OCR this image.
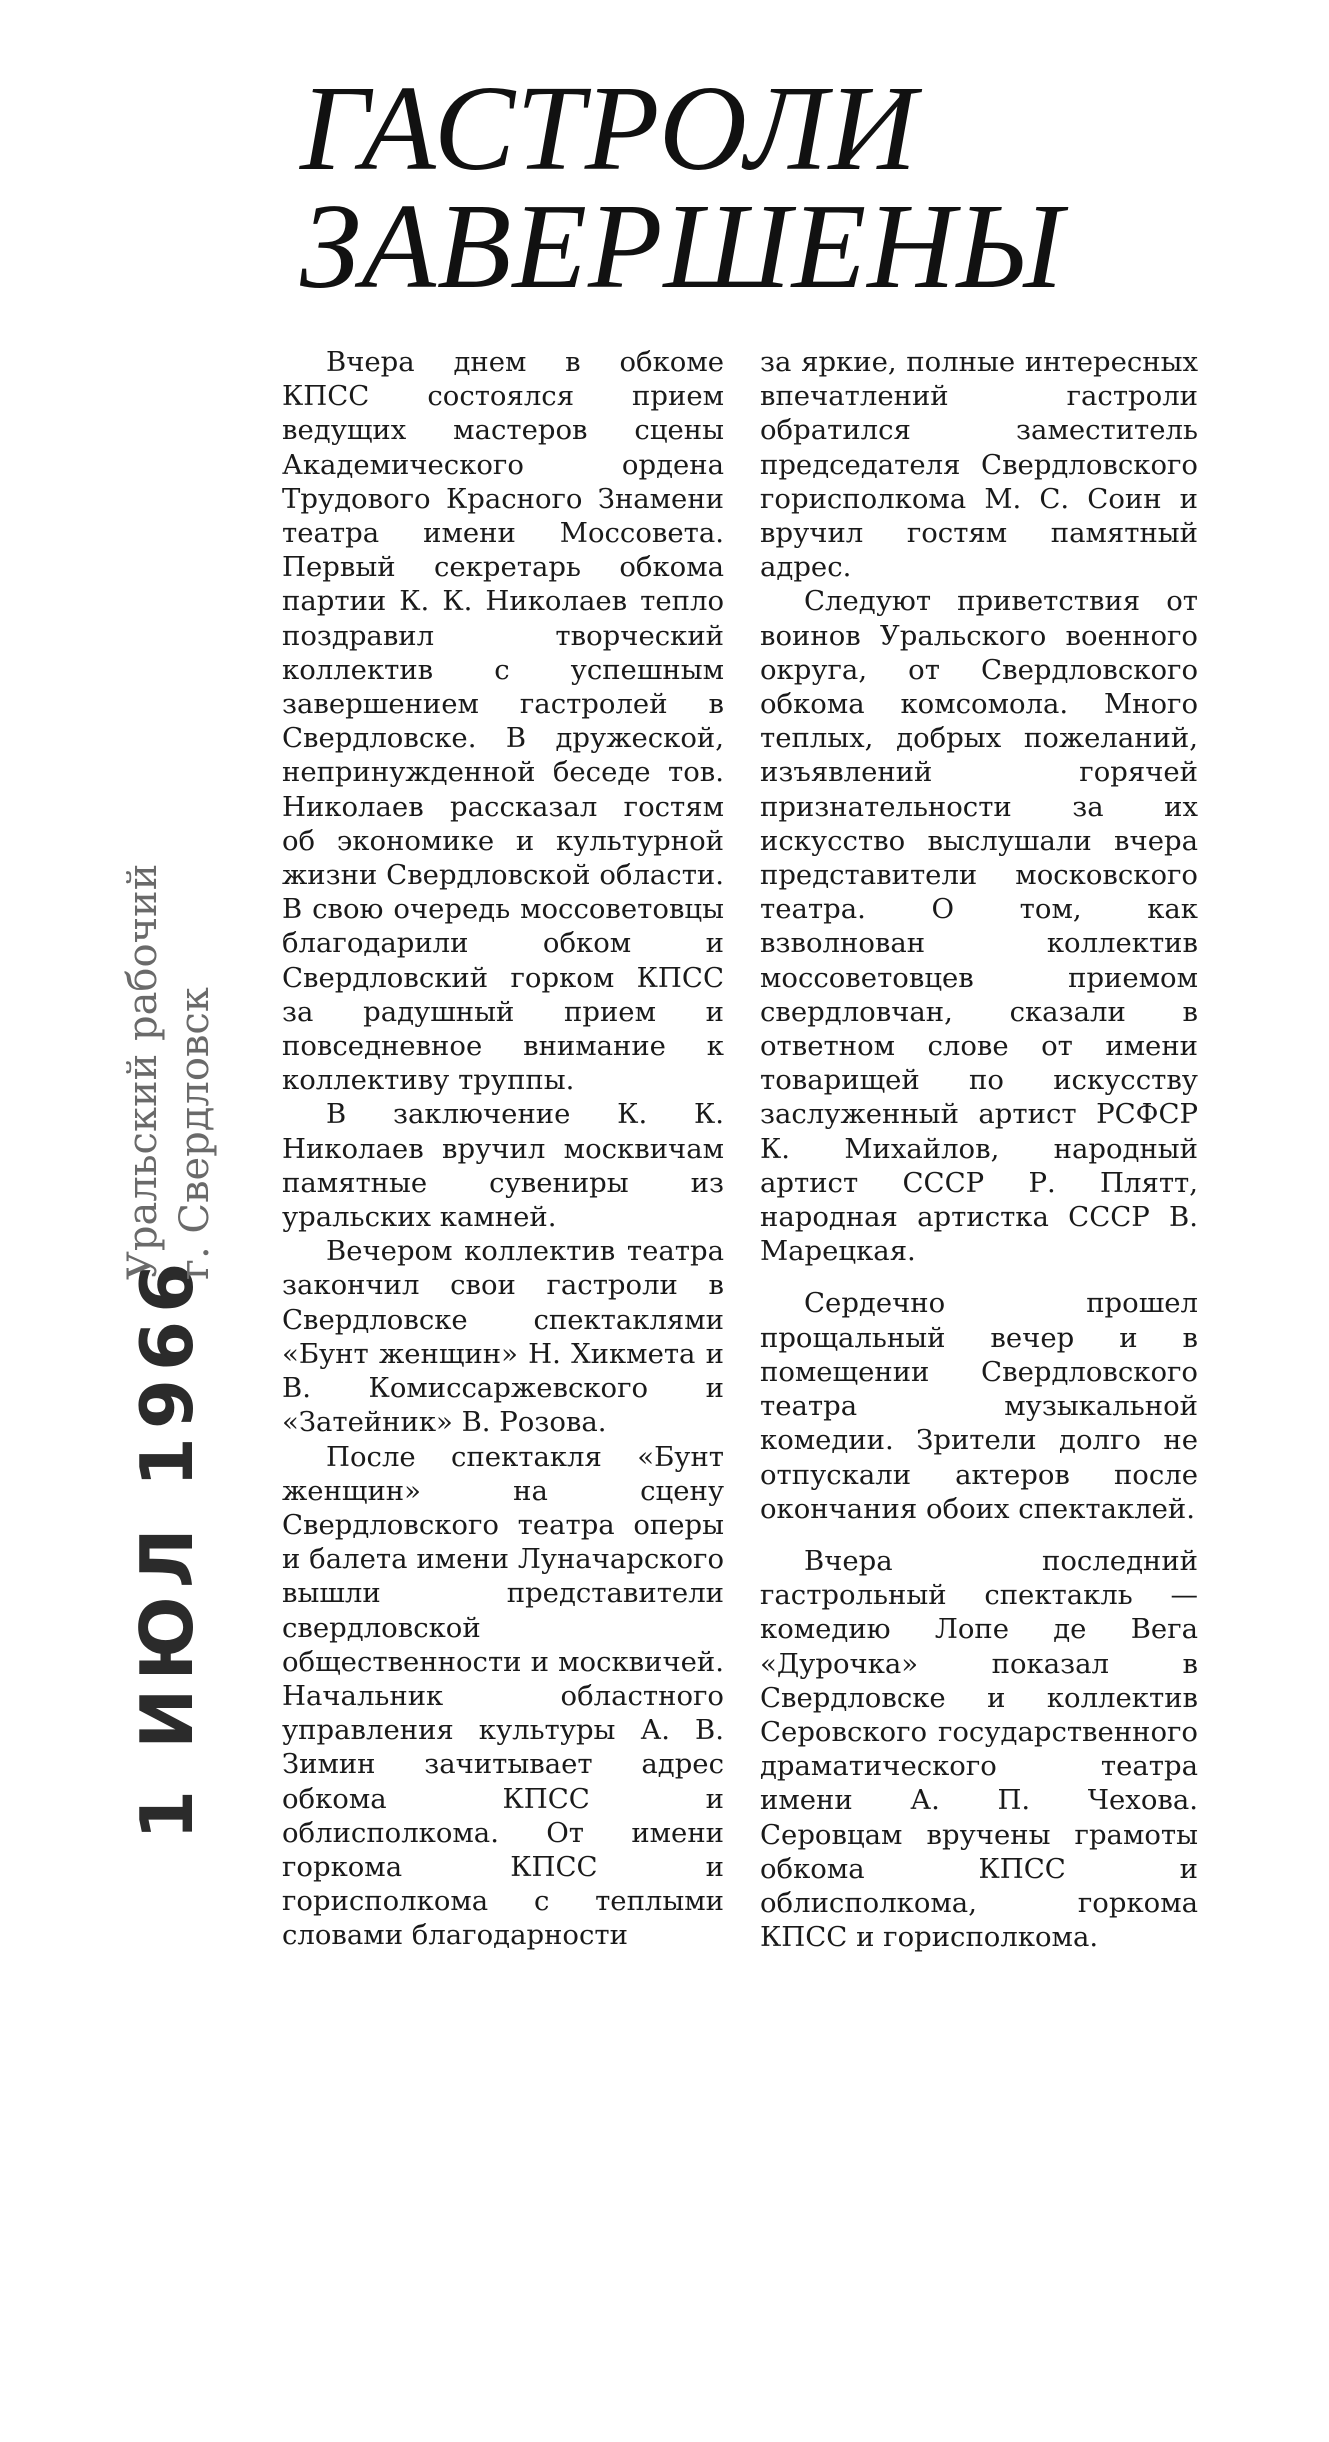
ГАСТРОЛИ
ЗАВЕРШЕНЫ
1 ИЮЛ 1966
Уральский рабочий г. Свердловск

Вчера днем в обкоме КПСС состоялся прием ведущих мастеров сцены Академического ордена Трудового Красного Знамени театра имени Моссовета. Первый секретарь обкома партии К. К. Николаев тепло поздравил творческий коллектив с успешным завершением гастролей в Свердловске. В дружеской, непринужденной беседе тов. Николаев рассказал гостям об экономике и культурной жизни Свердловской области. В свою очередь моссоветовцы благодарили обком и Свердловский горком КПСС за радушный прием и повседневное внимание к коллективу труппы.

В заключение К. К. Николаев вручил москвичам памятные сувениры из уральских камней.

Вечером коллектив театра закончил свои гастроли в Свердловске спектаклями «Бунт женщин» Н. Хикмета и В. Комиссаржевского и «Затейник» В. Розова.

После спектакля «Бунт женщин» на сцену Свердловского театра оперы и балета имени Луначарского вышли представители свердловской общественности и москвичей. Начальник областного управления культуры А. В. Зимин зачитывает адрес обкома КПСС и облисполкома. От имени горкома КПСС и горисполкома с теплыми словами благодарности

за яркие, полные интересных впечатлений гастроли обратился заместитель председателя Свердловского горисполкома М. С. Соин и вручил гостям памятный адрес.

Следуют приветствия от воинов Уральского военного округа, от Свердловского обкома комсомола. Много теплых, добрых пожеланий, изъявлений горячей признательности за их искусство выслушали вчера представители московского театра. О том, как взволнован коллектив моссоветовцев приемом свердловчан, сказали в ответном слове от имени товарищей по искусству заслуженный артист РСФСР К. Михайлов, народный артист СССР Р. Плятт, народная артистка СССР В. Марецкая.

Сердечно прошел прощальный вечер и в помещении Свердловского театра музыкальной комедии. Зрители долго не отпускали актеров после окончания обоих спектаклей.

Вчера последний гастрольный спектакль — комедию Лопе де Вега «Дурочка» показал в Свердловске и коллектив Серовского государственного драматического театра имени А. П. Чехова. Серовцам вручены грамоты обкома КПСС и облисполкома, горкома КПСС и горисполкома.
